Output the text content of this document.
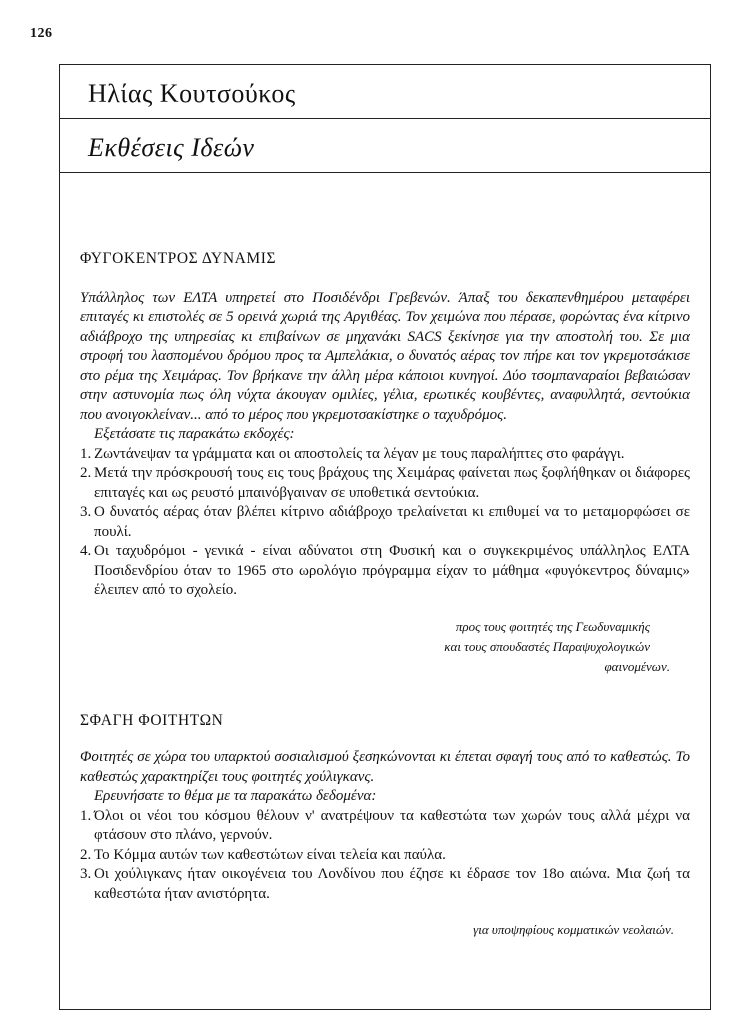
126
Ηλίας Κουτσούκος
Εκθέσεις Ιδεών
ΦΥΓΟΚΕΝΤΡΟΣ ΔΥΝΑΜΙΣ

Υπάλληλος των ΕΛΤΑ υπηρετεί στο Ποσιδένδρι Γρεβενών. Άπαξ του δεκαπενθημέρου μεταφέρει επιταγές κι επιστολές σε 5 ορεινά χωριά της Αργιθέας. Τον χειμώνα που πέρασε, φορώντας ένα κίτρινο αδιάβροχο της υπηρεσίας κι επιβαίνων σε μηχανάκι SACS ξεκίνησε για την αποστολή του. Σε μια στροφή του λασπομένου δρόμου προς τα Αμπελάκια, ο δυνατός αέρας τον πήρε και τον γκρεμοτσάκισε στο ρέμα της Χειμάρας. Τον βρήκανε την άλλη μέρα κάποιοι κυνηγοί. Δύο τσομπαναραίοι βεβαιώσαν στην αστυνομία πως όλη νύχτα άκουγαν ομιλίες, γέλια, ερωτικές κουβέντες, αναφυλλητά, σεντούκια που ανοιγοκλείναν... από το μέρος που γκρεμοτσακίστηκε ο ταχυδρόμος.

Εξετάσατε τις παρακάτω εκδοχές:

1. Ζωντάνεψαν τα γράμματα και οι αποστολείς τα λέγαν με τους παραλήπτες στο φαράγγι.
2. Μετά την πρόσκρουσή τους εις τους βράχους της Χειμάρας φαίνεται πως ξοφλήθηκαν οι διάφορες επιταγές και ως ρευστό μπαινόβγαιναν σε υποθετικά σεντούκια.
3. Ο δυνατός αέρας όταν βλέπει κίτρινο αδιάβροχο τρελαίνεται κι επιθυμεί να το μεταμορφώσει σε πουλί.
4. Οι ταχυδρόμοι - γενικά - είναι αδύνατοι στη Φυσική και ο συγκεκριμένος υπάλληλος ΕΛΤΑ Ποσιδενδρίου όταν το 1965 στο ωρολόγιο πρόγραμμα είχαν το μάθημα «φυγόκεντρος δύναμις» έλειπεν από το σχολείο.
προς τους φοιτητές της Γεωδυναμικής
και τους σπουδαστές Παραψυχολογικών
φαινομένων.
ΣΦΑΓΗ ΦΟΙΤΗΤΩΝ

Φοιτητές σε χώρα του υπαρκτού σοσιαλισμού ξεσηκώνονται κι έπεται σφαγή τους από το καθεστώς. Το καθεστώς χαρακτηρίζει τους φοιτητές χούλιγκανς.

Ερευνήσατε το θέμα με τα παρακάτω δεδομένα:

1. Όλοι οι νέοι του κόσμου θέλουν ν' ανατρέψουν τα καθεστώτα των χωρών τους αλλά μέχρι να φτάσουν στο πλάνο, γερνούν.
2. Το Κόμμα αυτών των καθεστώτων είναι τελεία και παύλα.
3. Οι χούλιγκανς ήταν οικογένεια του Λονδίνου που έζησε κι έδρασε τον 18ο αιώνα. Μια ζωή τα καθεστώτα ήταν ανιστόρητα.
για υποψηφίους κομματικών νεολαιών.
